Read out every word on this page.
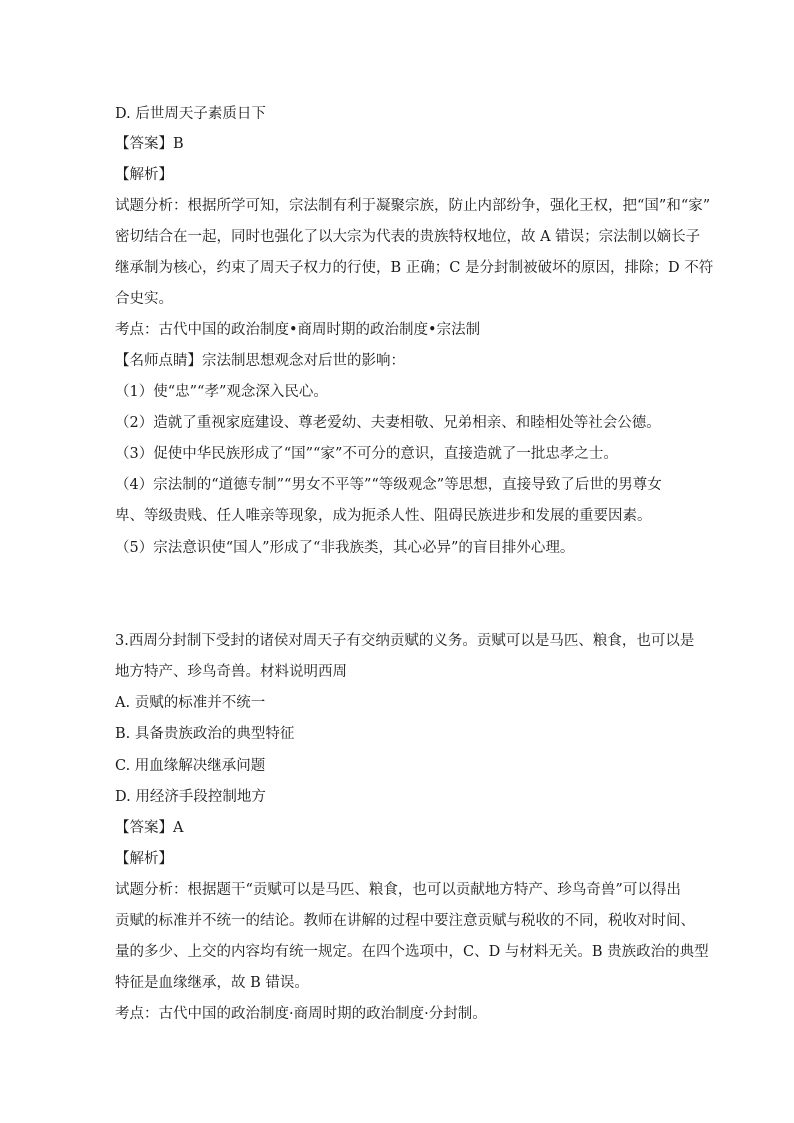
D. 后世周天子素质日下
【答案】B
【解析】
试题分析：根据所学可知，宗法制有利于凝聚宗族，防止内部纷争，强化王权，把“国”和“家”
密切结合在一起，同时也强化了以大宗为代表的贵族特权地位，故 A 错误；宗法制以嫡长子
继承制为核心，约束了周天子权力的行使，B 正确；C 是分封制被破坏的原因，排除；D 不符
合史实。
考点：古代中国的政治制度•商周时期的政治制度•宗法制
【名师点睛】宗法制思想观念对后世的影响：
（1）使“忠”“孝”观念深入民心。
（2）造就了重视家庭建设、尊老爱幼、夫妻相敬、兄弟相亲、和睦相处等社会公德。
（3）促使中华民族形成了“国”“家”不可分的意识，直接造就了一批忠孝之士。
（4）宗法制的“道德专制”“男女不平等”“等级观念”等思想，直接导致了后世的男尊女
卑、等级贵贱、任人唯亲等现象，成为扼杀人性、阻碍民族进步和发展的重要因素。
（5）宗法意识使“国人”形成了“非我族类，其心必异”的盲目排外心理。
3.西周分封制下受封的诸侯对周天子有交纳贡赋的义务。贡赋可以是马匹、粮食，也可以是
地方特产、珍鸟奇兽。材料说明西周
A. 贡赋的标准并不统一
B. 具备贵族政治的典型特征
C. 用血缘解决继承问题
D. 用经济手段控制地方
【答案】A
【解析】
试题分析：根据题干“贡赋可以是马匹、粮食，也可以贡献地方特产、珍鸟奇兽”可以得出
贡赋的标准并不统一的结论。教师在讲解的过程中要注意贡赋与税收的不同，税收对时间、
量的多少、上交的内容均有统一规定。在四个选项中，C、D 与材料无关。B 贵族政治的典型
特征是血缘继承，故 B 错误。
考点：古代中国的政治制度·商周时期的政治制度·分封制。
